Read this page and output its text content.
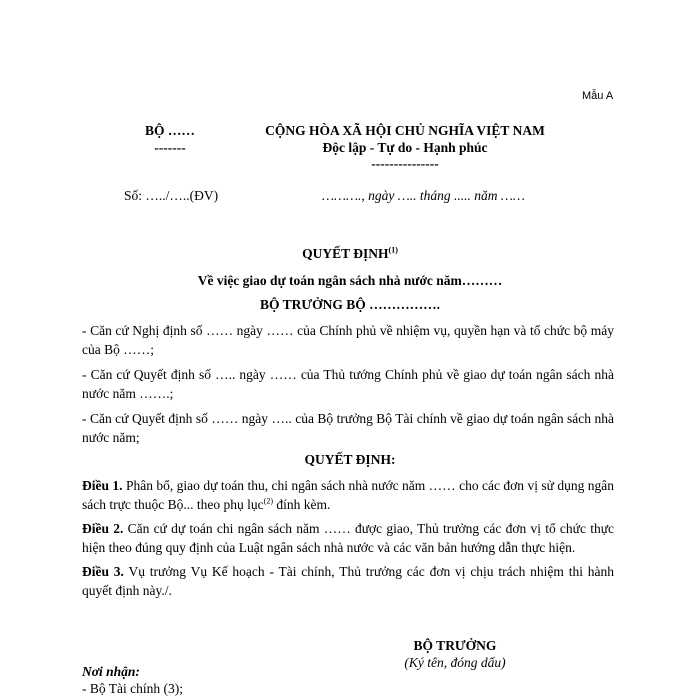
Mẫu A
BỘ ……
-------
CỘNG HÒA XÃ HỘI CHỦ NGHĨA VIỆT NAM
Độc lập - Tự do - Hạnh phúc
---------------
Số: …../…..(ĐV)	………., ngày ….. tháng ..... năm ……
QUYẾT ĐỊNH$^{(1)}$
Về việc giao dự toán ngân sách nhà nước năm………
BỘ TRƯỞNG BỘ …………….
- Căn cứ Nghị định số …… ngày …… của Chính phủ về nhiệm vụ, quyền hạn và tổ chức bộ máy của Bộ ……;
- Căn cứ Quyết định số ….. ngày …… của Thủ tướng Chính phủ về giao dự toán ngân sách nhà nước năm …….;
- Căn cứ Quyết định số …… ngày ….. của Bộ trưởng Bộ Tài chính về giao dự toán ngân sách nhà nước năm;
QUYẾT ĐỊNH:
Điều 1. Phân bổ, giao dự toán thu, chi ngân sách nhà nước năm …… cho các đơn vị sử dụng ngân sách trực thuộc Bộ... theo phụ lục$^{(2)}$ đính kèm.
Điều 2. Căn cứ dự toán chi ngân sách năm …… được giao, Thủ trưởng các đơn vị tổ chức thực hiện theo đúng quy định của Luật ngân sách nhà nước và các văn bản hướng dẫn thực hiện.
Điều 3. Vụ trưởng Vụ Kế hoạch - Tài chính, Thủ trưởng các đơn vị chịu trách nhiệm thi hành quyết định này./.
BỘ TRƯỞNG
(Ký tên, đóng dấu)
Nơi nhận:
- Bộ Tài chính (3);
